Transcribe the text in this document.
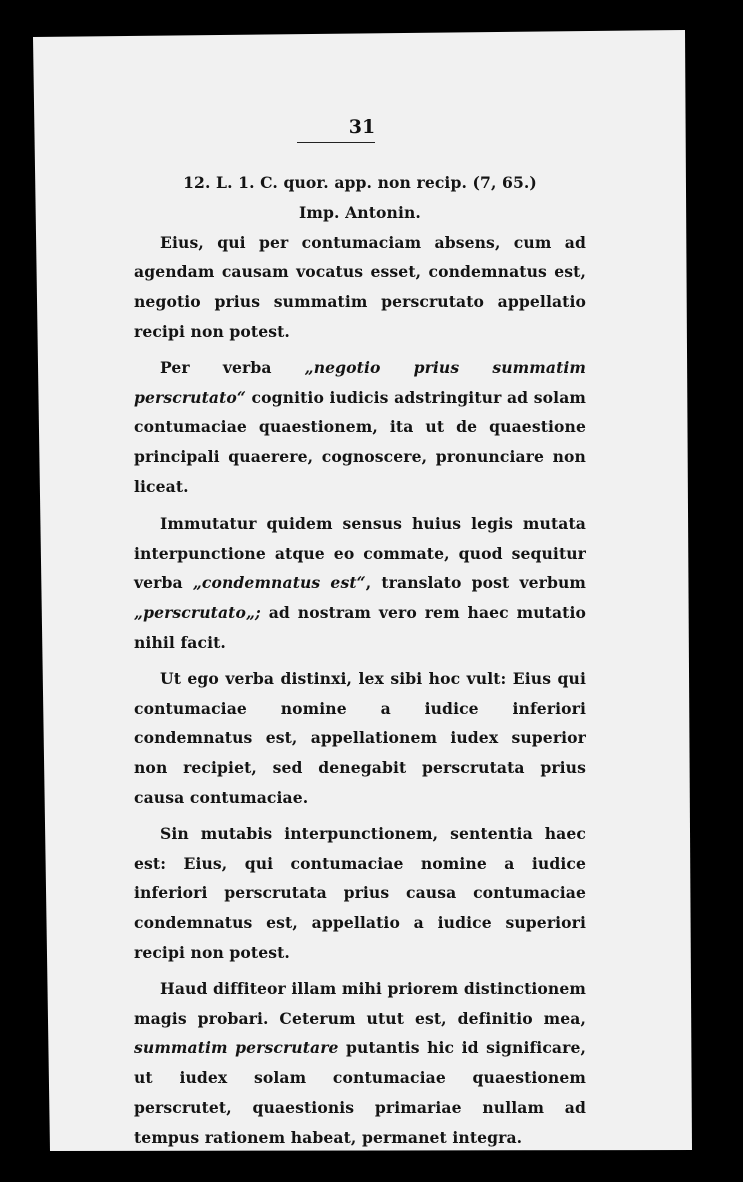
31
12. L. 1. C. quor. app. non recip. (7, 65.)
Imp. Antonin.

Eius, qui per contumaciam absens, cum ad agendam causam vocatus esset, condemnatus est, negotio prius summatim perscrutato appellatio recipi non potest.

Per verba „negotio prius summatim perscrutato“ cognitio iudicis adstringitur ad solam contumaciae quaestionem, ita ut de quaestione principali quaerere, cognoscere, pronunciare non liceat.

Immutatur quidem sensus huius legis mutata interpunctione atque eo commate, quod sequitur verba „condemnatus est“, translato post verbum „perscrutato„; ad nostram vero rem haec mutatio nihil facit.

Ut ego verba distinxi, lex sibi hoc vult: Eius qui contumaciae nomine a iudice inferiori condemnatus est, appellationem iudex superior non recipiet, sed denegabit perscrutata prius causa contumaciae.

Sin mutabis interpunctionem, sententia haec est: Eius, qui contumaciae nomine a iudice inferiori perscrutata prius causa contumaciae condemnatus est, appellatio a iudice superiori recipi non potest.

Haud diffiteor illam mihi priorem distinctionem magis probari. Ceterum utut est, definitio mea, summatim perscrutare putantis hic id significare, ut iudex solam contumaciae quaestionem perscrutet, quaestionis primariae nullam ad tempus rationem habeat, permanet integra.
